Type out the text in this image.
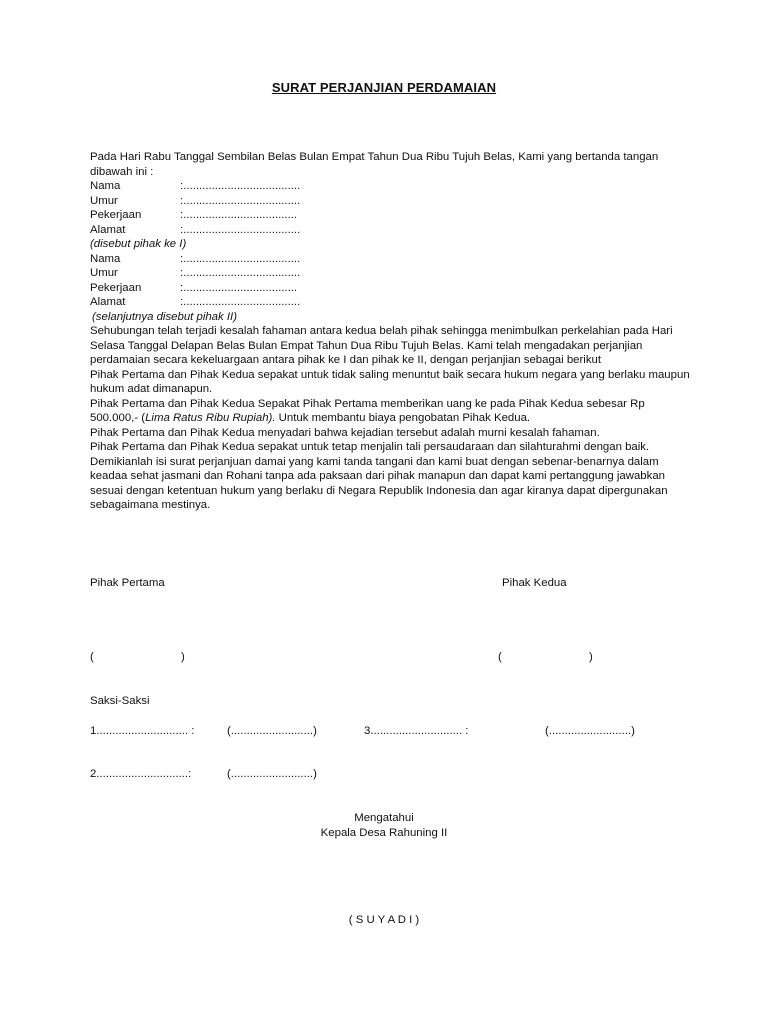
SURAT PERJANJIAN PERDAMAIAN

Pada Hari Rabu Tanggal Sembilan Belas Bulan Empat Tahun Dua Ribu Tujuh Belas, Kami yang bertanda tangan dibawah ini :

Nama	:.....................................
Umur	:.....................................
Pekerjaan	:....................................
Alamat	:.....................................

(disebut pihak ke I)

Nama	:.....................................
Umur	:.....................................
Pekerjaan	:....................................
Alamat	:.....................................

(selanjutnya disebut pihak II)

Sehubungan telah terjadi kesalah fahaman antara kedua belah pihak sehingga menimbulkan perkelahian pada Hari Selasa Tanggal Delapan Belas Bulan Empat Tahun Dua Ribu Tujuh Belas. Kami telah mengadakan perjanjian perdamaian secara kekeluargaan antara pihak ke I dan pihak ke II, dengan perjanjian sebagai berikut

Pihak Pertama dan Pihak Kedua sepakat untuk tidak saling menuntut baik secara hukum negara yang berlaku maupun hukum adat dimanapun.

Pihak Pertama dan Pihak Kedua Sepakat Pihak Pertama memberikan uang ke pada Pihak Kedua sebesar Rp 500.000,- (Lima Ratus Ribu Rupiah). Untuk membantu biaya pengobatan Pihak Kedua.

Pihak Pertama dan Pihak Kedua menyadari bahwa kejadian tersebut adalah murni kesalah fahaman.

Pihak Pertama dan Pihak Kedua sepakat untuk tetap menjalin tali persaudaraan dan silahturahmi dengan baik.

Demikianlah isi surat perjanjuan damai yang kami tanda tangani dan kami buat dengan sebenar-benarnya dalam keadaa sehat jasmani dan Rohani tanpa ada paksaan dari pihak manapun dan dapat kami pertanggung jawabkan sesuai dengan ketentuan hukum yang berlaku di Negara Republik Indonesia dan agar kiranya dapat dipergunakan sebagaimana mestinya.

Pihak Pertama	Pihak Kedua
(	)	(	)
Saksi-Saksi
1............................. :	(..........................)	3............................. :	(..........................)
2.............................:	(..........................)
Mengatahui
Kepala Desa Rahuning II
( S U Y A D I )
